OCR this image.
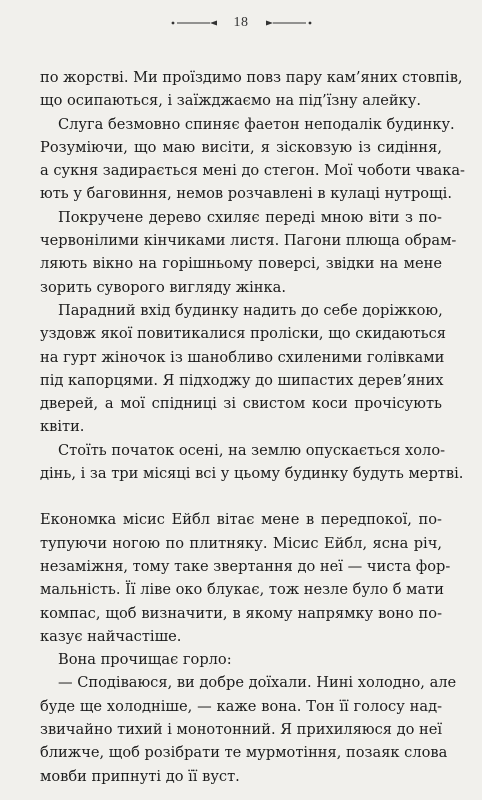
18
по жорстві. Ми проїздимо повз пару кам’яних стовпів,
що осипаються, і заїжджаємо на під’їзну алейку.
Слуга безмовно спиняє фаетон неподалік будинку.
Розуміючи, що маю висіти, я зісковзую із сидіння,
а сукня задирається мені до стегон. Мої чоботи чвака-
ють у баговиння, немов розчавлені в кулаці нутрощі.
Покручене дерево схиляє переді мною віти з по-
червонілими кінчиками листя. Пагони плюща обрам-
ляють вікно на горішньому поверсі, звідки на мене
зорить суворого вигляду жінка.
Парадний вхід будинку надить до себе доріжкою,
уздовж якої повитикалися проліски, що скидаються
на гурт жіночок із шанобливо схиленими голівками
під капорцями. Я підходжу до шипастих дерев’яних
дверей, а мої спідниці зі свистом коси прочісують
квіти.
Стоїть початок осені, на землю опускається холо-
дінь, і за три місяці всі у цьому будинку будуть мертві.
Економка місис Ейбл вітає мене в передпокої, по-
тупуючи ногою по плитняку. Місис Ейбл, ясна річ,
незаміжня, тому таке звертання до неї — чиста фор-
мальність. Її ліве око блукає, тож незле було б мати
компас, щоб визначити, в якому напрямку воно по-
казує найчастіше.
Вона прочищає горло:
— Сподіваюся, ви добре доїхали. Нині холодно, але
буде ще холодніше, — каже вона. Тон її голосу над-
звичайно тихий і монотонний. Я прихиляюся до неї
ближче, щоб розібрати те мурмотіння, позаяк слова
мовби припнуті до її вуст.
